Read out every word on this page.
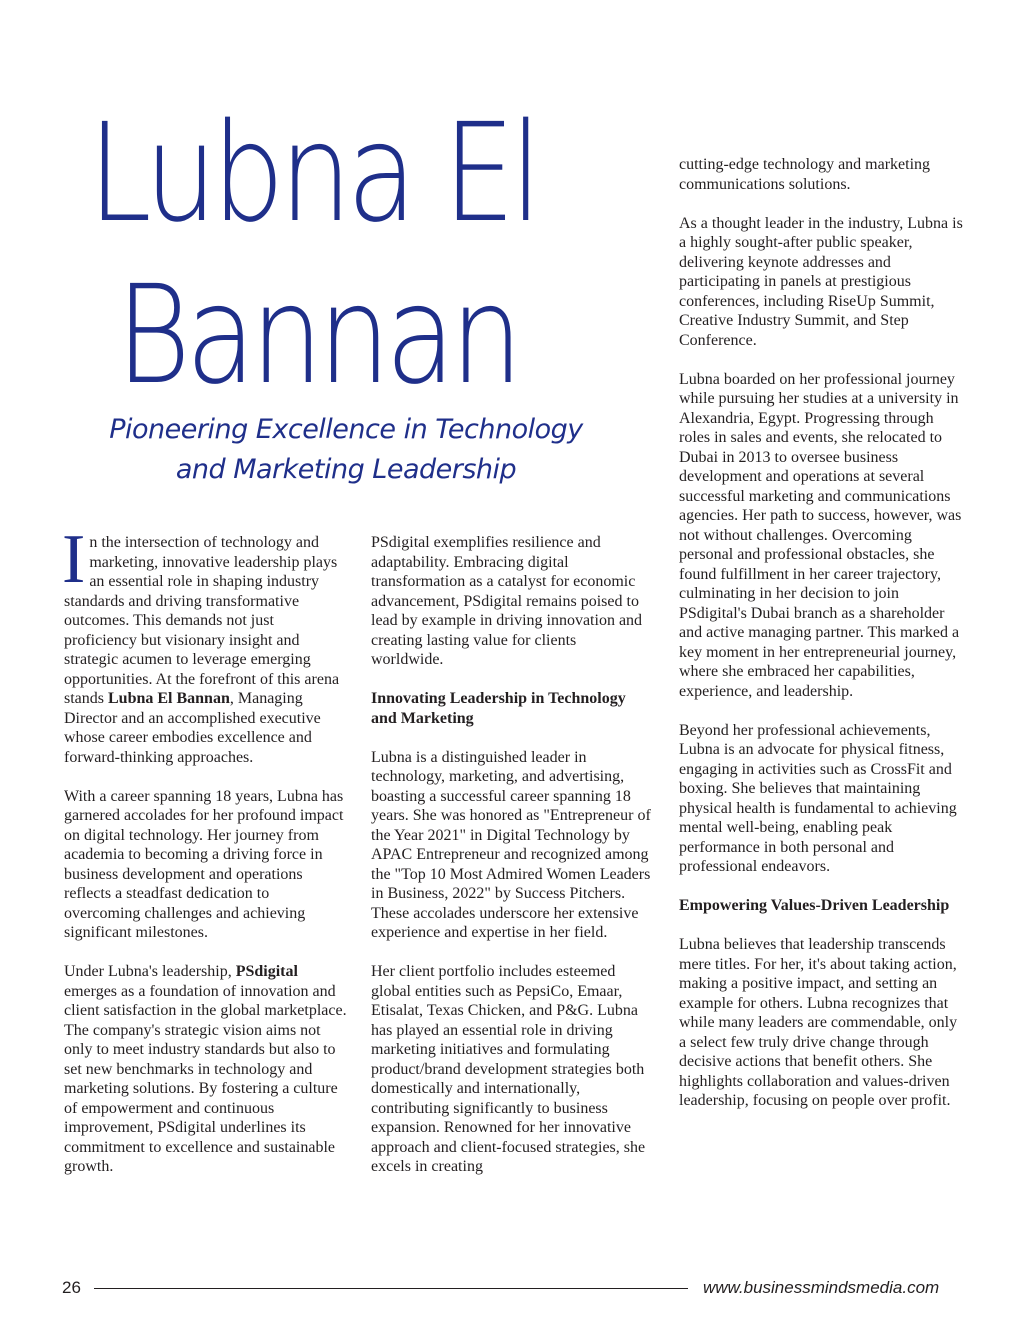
Lubna El
Bannan
Pioneering Excellence in Technology
and Marketing Leadership

In the intersection of technology and marketing, innovative leadership plays an essential role in shaping industry standards and driving transformative outcomes. This demands not just proficiency but visionary insight and strategic acumen to leverage emerging opportunities. At the forefront of this arena stands Lubna El Bannan, Managing Director and an accomplished executive whose career embodies excellence and forward-thinking approaches.

With a career spanning 18 years, Lubna has garnered accolades for her profound impact on digital technology. Her journey from academia to becoming a driving force in business development and operations reflects a steadfast dedication to overcoming challenges and achieving significant milestones.

Under Lubna's leadership, PSdigital emerges as a foundation of innovation and client satisfaction in the global marketplace. The company's strategic vision aims not only to meet industry standards but also to set new benchmarks in technology and marketing solutions. By fostering a culture of empowerment and continuous improvement, PSdigital underlines its commitment to excellence and sustainable growth.

PSdigital exemplifies resilience and adaptability. Embracing digital transformation as a catalyst for economic advancement, PSdigital remains poised to lead by example in driving innovation and creating lasting value for clients worldwide.

Innovating Leadership in Technology and Marketing

Lubna is a distinguished leader in technology, marketing, and advertising, boasting a successful career spanning 18 years. She was honored as "Entrepreneur of the Year 2021" in Digital Technology by APAC Entrepreneur and recognized among the "Top 10 Most Admired Women Leaders in Business, 2022" by Success Pitchers. These accolades underscore her extensive experience and expertise in her field.

Her client portfolio includes esteemed global entities such as PepsiCo, Emaar, Etisalat, Texas Chicken, and P&G. Lubna has played an essential role in driving marketing initiatives and formulating product/brand development strategies both domestically and internationally, contributing significantly to business expansion. Renowned for her innovative approach and client-focused strategies, she excels in creating

cutting-edge technology and marketing communications solutions.

As a thought leader in the industry, Lubna is a highly sought-after public speaker, delivering keynote addresses and participating in panels at prestigious conferences, including RiseUp Summit, Creative Industry Summit, and Step Conference.

Lubna boarded on her professional journey while pursuing her studies at a university in Alexandria, Egypt. Progressing through roles in sales and events, she relocated to Dubai in 2013 to oversee business development and operations at several successful marketing and communications agencies. Her path to success, however, was not without challenges. Overcoming personal and professional obstacles, she found fulfillment in her career trajectory, culminating in her decision to join PSdigital's Dubai branch as a shareholder and active managing partner. This marked a key moment in her entrepreneurial journey, where she embraced her capabilities, experience, and leadership.

Beyond her professional achievements, Lubna is an advocate for physical fitness, engaging in activities such as CrossFit and boxing. She believes that maintaining physical health is fundamental to achieving mental well-being, enabling peak performance in both personal and professional endeavors.

Empowering Values-Driven Leadership

Lubna believes that leadership transcends mere titles. For her, it's about taking action, making a positive impact, and setting an example for others. Lubna recognizes that while many leaders are commendable, only a select few truly drive change through decisive actions that benefit others. She highlights collaboration and values-driven leadership, focusing on people over profit.

26	www.businessmindsmedia.com
